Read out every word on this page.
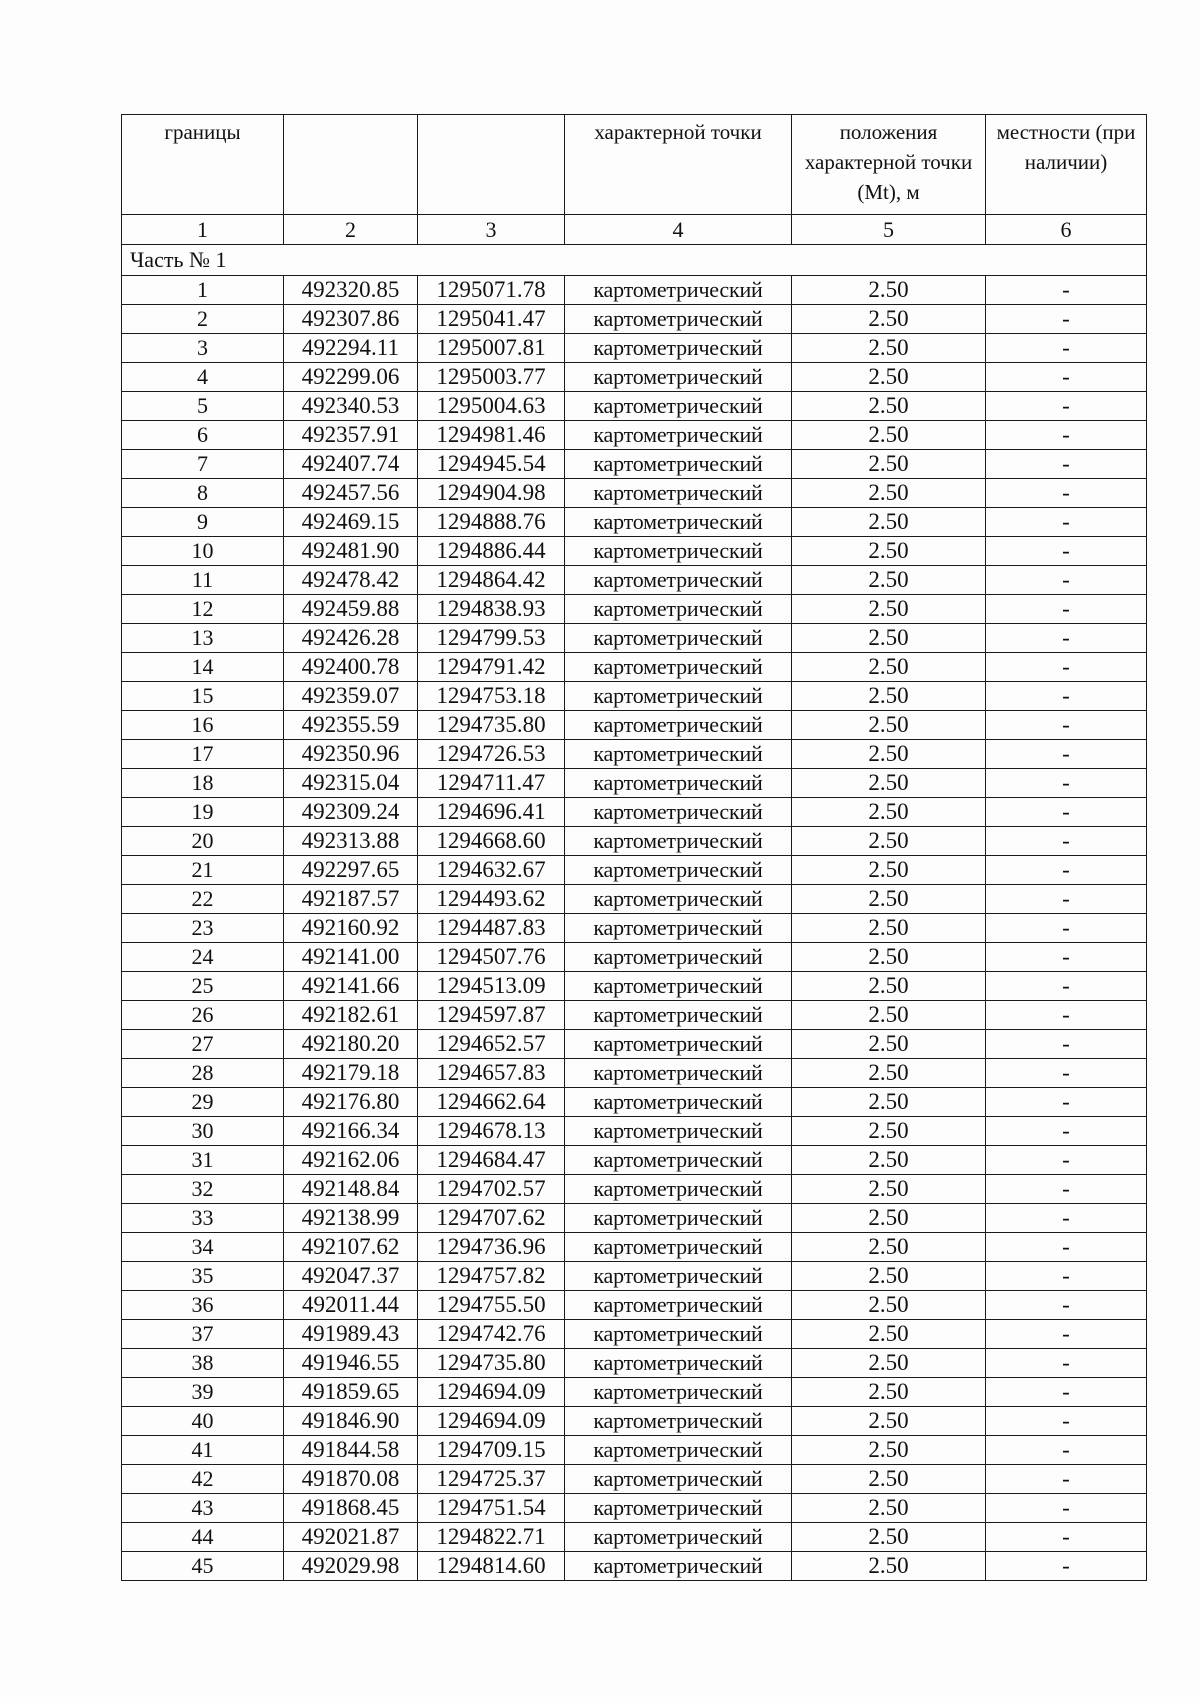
границы			характерной точки	положения характерной точки (Mt), м	местности (при наличии)
1	2	3	4	5	6
Часть № 1					
1	492320.85	1295071.78	картометрический	2.50	-
2	492307.86	1295041.47	картометрический	2.50	-
3	492294.11	1295007.81	картометрический	2.50	-
4	492299.06	1295003.77	картометрический	2.50	-
5	492340.53	1295004.63	картометрический	2.50	-
6	492357.91	1294981.46	картометрический	2.50	-
7	492407.74	1294945.54	картометрический	2.50	-
8	492457.56	1294904.98	картометрический	2.50	-
9	492469.15	1294888.76	картометрический	2.50	-
10	492481.90	1294886.44	картометрический	2.50	-
11	492478.42	1294864.42	картометрический	2.50	-
12	492459.88	1294838.93	картометрический	2.50	-
13	492426.28	1294799.53	картометрический	2.50	-
14	492400.78	1294791.42	картометрический	2.50	-
15	492359.07	1294753.18	картометрический	2.50	-
16	492355.59	1294735.80	картометрический	2.50	-
17	492350.96	1294726.53	картометрический	2.50	-
18	492315.04	1294711.47	картометрический	2.50	-
19	492309.24	1294696.41	картометрический	2.50	-
20	492313.88	1294668.60	картометрический	2.50	-
21	492297.65	1294632.67	картометрический	2.50	-
22	492187.57	1294493.62	картометрический	2.50	-
23	492160.92	1294487.83	картометрический	2.50	-
24	492141.00	1294507.76	картометрический	2.50	-
25	492141.66	1294513.09	картометрический	2.50	-
26	492182.61	1294597.87	картометрический	2.50	-
27	492180.20	1294652.57	картометрический	2.50	-
28	492179.18	1294657.83	картометрический	2.50	-
29	492176.80	1294662.64	картометрический	2.50	-
30	492166.34	1294678.13	картометрический	2.50	-
31	492162.06	1294684.47	картометрический	2.50	-
32	492148.84	1294702.57	картометрический	2.50	-
33	492138.99	1294707.62	картометрический	2.50	-
34	492107.62	1294736.96	картометрический	2.50	-
35	492047.37	1294757.82	картометрический	2.50	-
36	492011.44	1294755.50	картометрический	2.50	-
37	491989.43	1294742.76	картометрический	2.50	-
38	491946.55	1294735.80	картометрический	2.50	-
39	491859.65	1294694.09	картометрический	2.50	-
40	491846.90	1294694.09	картометрический	2.50	-
41	491844.58	1294709.15	картометрический	2.50	-
42	491870.08	1294725.37	картометрический	2.50	-
43	491868.45	1294751.54	картометрический	2.50	-
44	492021.87	1294822.71	картометрический	2.50	-
45	492029.98	1294814.60	картометрический	2.50	-
